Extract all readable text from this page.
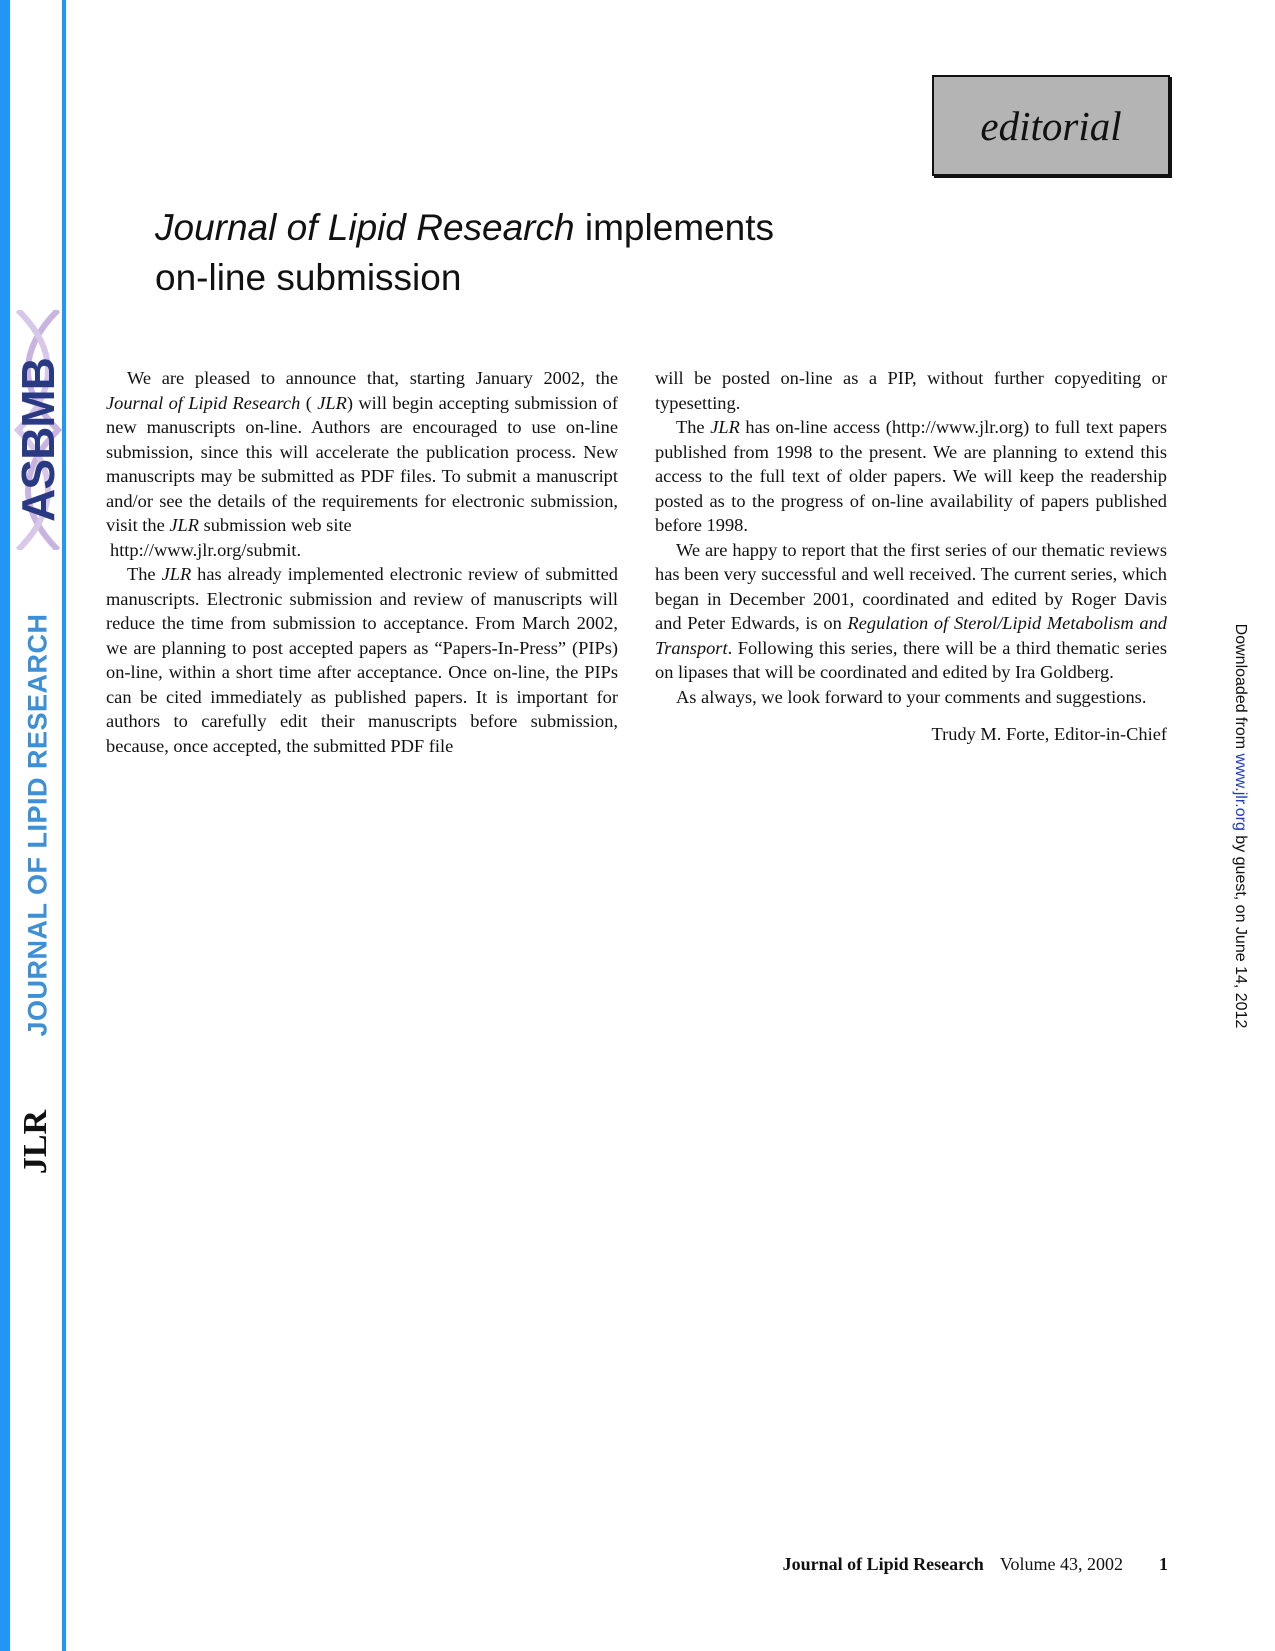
ASBMB
JOURNAL OF LIPID RESEARCH
JLR
Downloaded from www.jlr.org by guest, on June 14, 2012
editorial
Journal of Lipid Research implements
on-line submission

We are pleased to announce that, starting January 2002, the Journal of Lipid Research ( JLR) will begin accepting submission of new manuscripts on-line. Authors are encouraged to use on-line submission, since this will accelerate the publication process. New manuscripts may be submitted as PDF files. To submit a manuscript and/or see the details of the requirements for electronic submission, visit the JLR submission web site

http://www.jlr.org/submit.

The JLR has already implemented electronic review of submitted manuscripts. Electronic submission and review of manuscripts will reduce the time from submission to acceptance. From March 2002, we are planning to post accepted papers as “Papers-In-Press” (PIPs) on-line, within a short time after acceptance. Once on-line, the PIPs can be cited immediately as published papers. It is important for authors to carefully edit their manuscripts before submission, because, once accepted, the submitted PDF file

will be posted on-line as a PIP, without further copyediting or typesetting.

The JLR has on-line access (http://www.jlr.org) to full text papers published from 1998 to the present. We are planning to extend this access to the full text of older papers. We will keep the readership posted as to the progress of on-line availability of papers published before 1998.

We are happy to report that the first series of our thematic reviews has been very successful and well received. The current series, which began in December 2001, coordinated and edited by Roger Davis and Peter Edwards, is on Regulation of Sterol/Lipid Metabolism and Transport. Following this series, there will be a third thematic series on lipases that will be coordinated and edited by Ira Goldberg.

As always, we look forward to your comments and suggestions.

Trudy M. Forte, Editor-in-Chief

Journal of Lipid Research Volume 43, 2002 1
